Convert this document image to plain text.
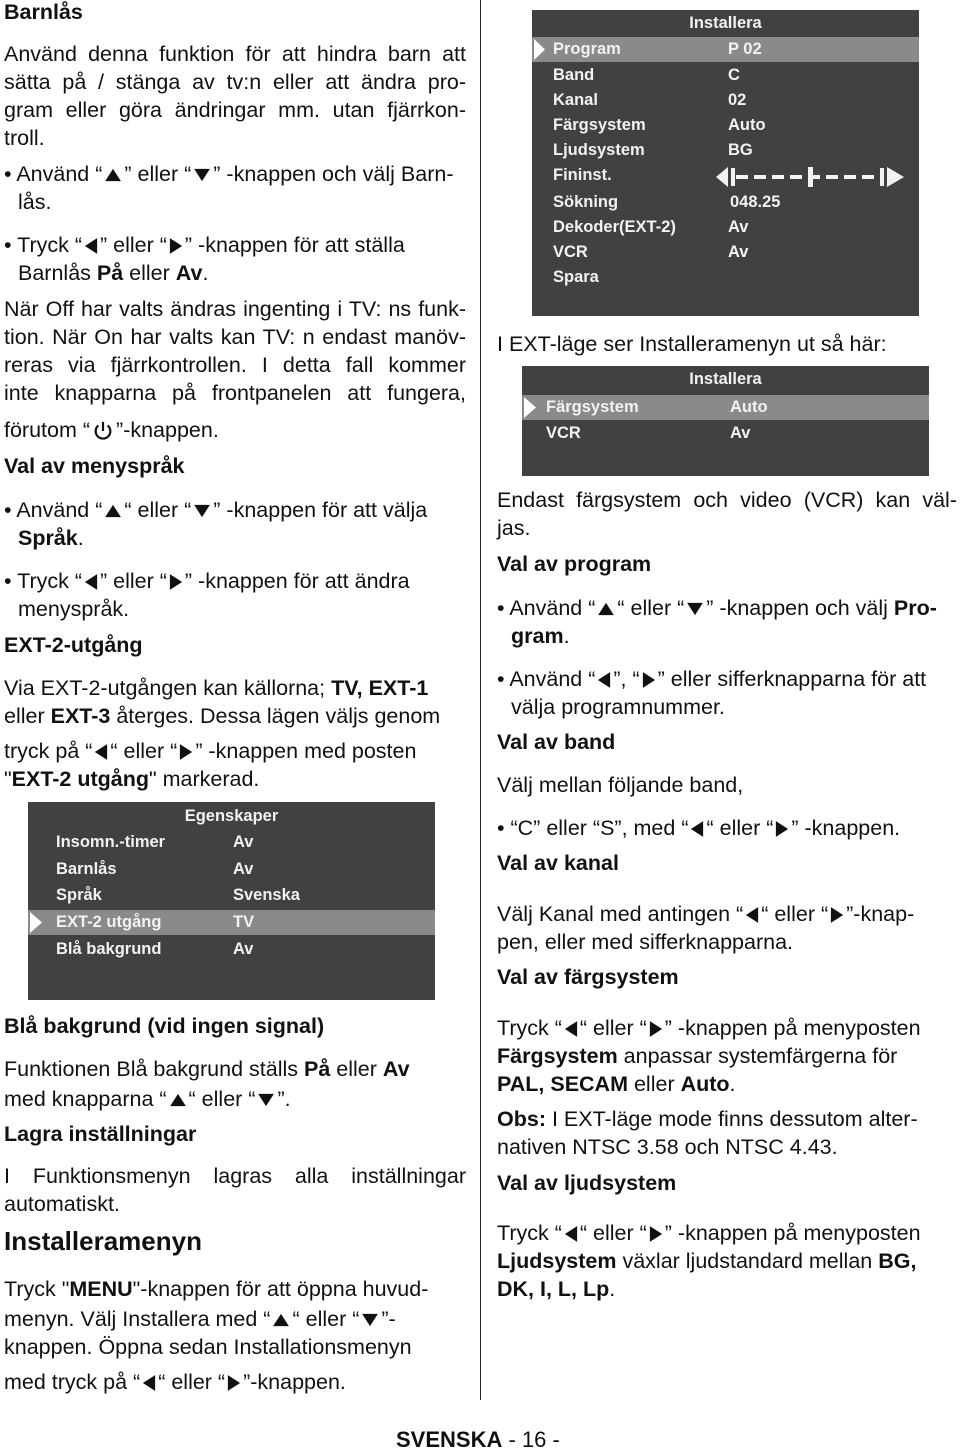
Barnlås
Använd denna funktion för att hindra barn att
sätta på / stänga av tv:n eller att ändra pro-
gram eller göra ändringar mm. utan fjärrkon-
troll.
• Använd “ ” eller “ ” -knappen och välj Barn-
lås.
• Tryck “ ” eller “ ” -knappen för att ställa
Barnlås På eller Av.
När Off har valts ändras ingenting i TV: ns funk-
tion. När On har valts kan TV: n endast manöv-
reras via fjärrkontrollen. I detta fall kommer
inte knapparna på frontpanelen att fungera,
förutom “ ”-knappen.
Val av menyspråk
• Använd “ “ eller “ ” -knappen för att välja
Språk.
• Tryck “ ” eller “ ” -knappen för att ändra
menyspråk.
EXT-2-utgång
Via EXT-2-utgången kan källorna; TV, EXT-1
eller EXT-3 återges. Dessa lägen väljs genom
tryck på “ “ eller “ ” -knappen med posten
"EXT-2 utgång" markerad.
Egenskaper
Insomn.-timer	Av
Barnlås	Av
Språk	Svenska
EXT-2 utgång	TV
Blå bakgrund	Av
Blå bakgrund (vid ingen signal)
Funktionen Blå bakgrund ställs På eller Av
med knapparna “ “ eller “ ”.
Lagra inställningar
I Funktionsmenyn lagras alla inställningar
automatiskt.
Installeramenyn
Tryck "MENU"-knappen för att öppna huvud-
menyn. Välj Installera med “ “ eller “ ”-
knappen. Öppna sedan Installationsmenyn
med tryck på “ “ eller “ ”-knappen.
Installera
Program	P 02
Band	C
Kanal	02
Färgsystem	Auto
Ljudsystem	BG
Fininst.
Sökning	048.25
Dekoder(EXT-2)	Av
VCR	Av
Spara
I EXT-läge ser Installeramenyn ut så här:
Installera
Färgsystem	Auto
VCR	Av
Endast färgsystem och video (VCR) kan väl-
jas.
Val av program
• Använd “ “ eller “ ” -knappen och välj Pro-
gram.
• Använd “ ”, “ ” eller sifferknapparna för att
välja programnummer.
Val av band
Välj mellan följande band,
• “C” eller “S”, med “ “ eller “ ” -knappen.
Val av kanal
Välj Kanal med antingen “ “ eller “ ”-knap-
pen, eller med sifferknapparna.
Val av färgsystem
Tryck “ “ eller “ ” -knappen på menyposten
Färgsystem anpassar systemfärgerna för
PAL, SECAM eller Auto.
Obs: I EXT-läge mode finns dessutom alter-
nativen NTSC 3.58 och NTSC 4.43.
Val av ljudsystem
Tryck “ “ eller “ ” -knappen på menyposten
Ljudsystem växlar ljudstandard mellan BG,
DK, I, L, Lp.
SVENSKA - 16 -
